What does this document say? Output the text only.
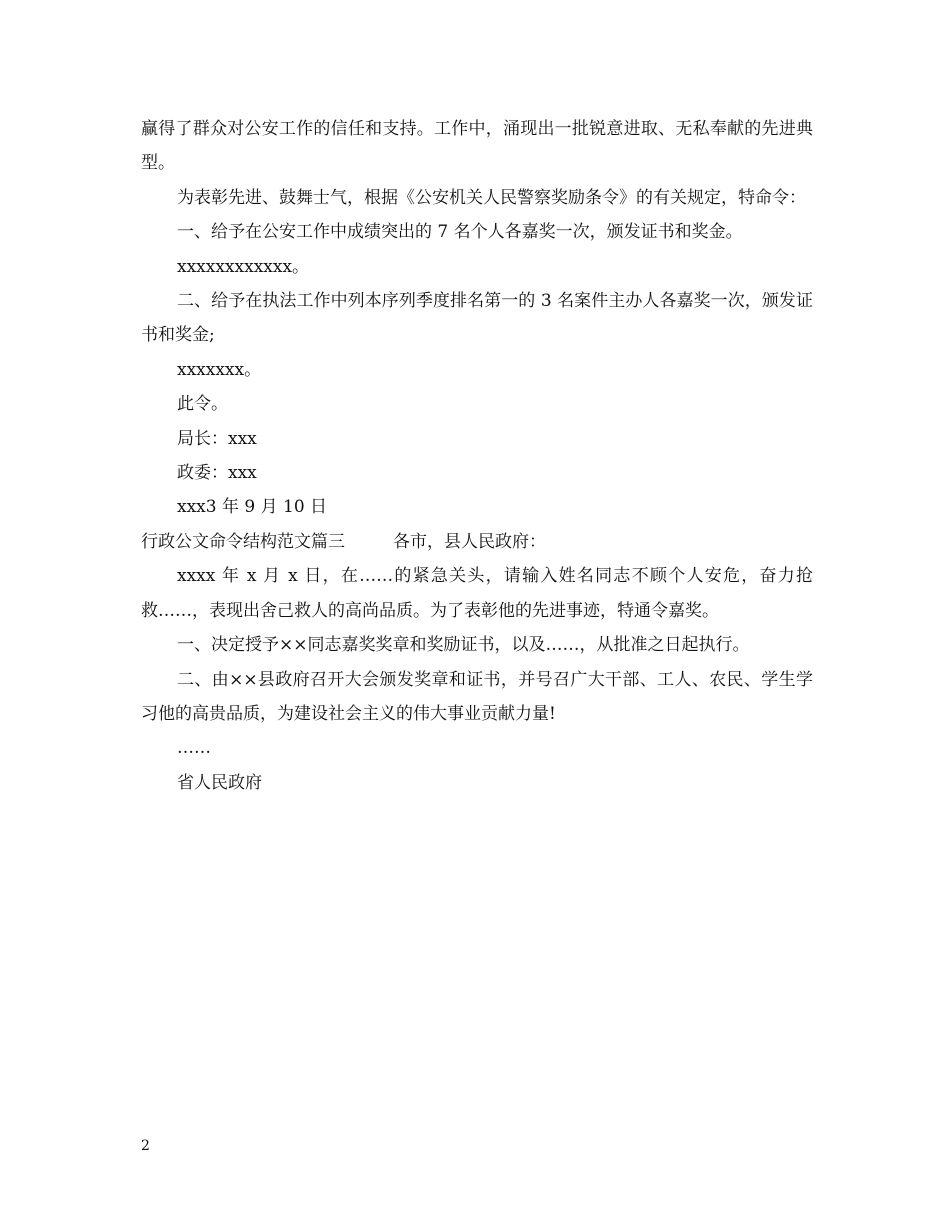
赢得了群众对公安工作的信任和支持。工作中，涌现出一批锐意进取、无私奉献的先进典型。

为表彰先进、鼓舞士气，根据《公安机关人民警察奖励条令》的有关规定，特命令：

一、给予在公安工作中成绩突出的 7 名个人各嘉奖一次，颁发证书和奖金。

xxxxxxxxxxxx。

二、给予在执法工作中列本序列季度排名第一的 3 名案件主办人各嘉奖一次，颁发证书和奖金;

xxxxxxx。

此令。

局长：xxx

政委：xxx

xxx3 年 9 月 10 日

行政公文命令结构范文篇三	各市，县人民政府：

xxxx 年 x 月 x 日，在……的紧急关头，请输入姓名同志不顾个人安危，奋力抢救……，表现出舍己救人的高尚品质。为了表彰他的先进事迹，特通令嘉奖。

一、决定授予××同志嘉奖奖章和奖励证书，以及……，从批准之日起执行。

二、由××县政府召开大会颁发奖章和证书，并号召广大干部、工人、农民、学生学习他的高贵品质，为建设社会主义的伟大事业贡献力量!

……

省人民政府

2
